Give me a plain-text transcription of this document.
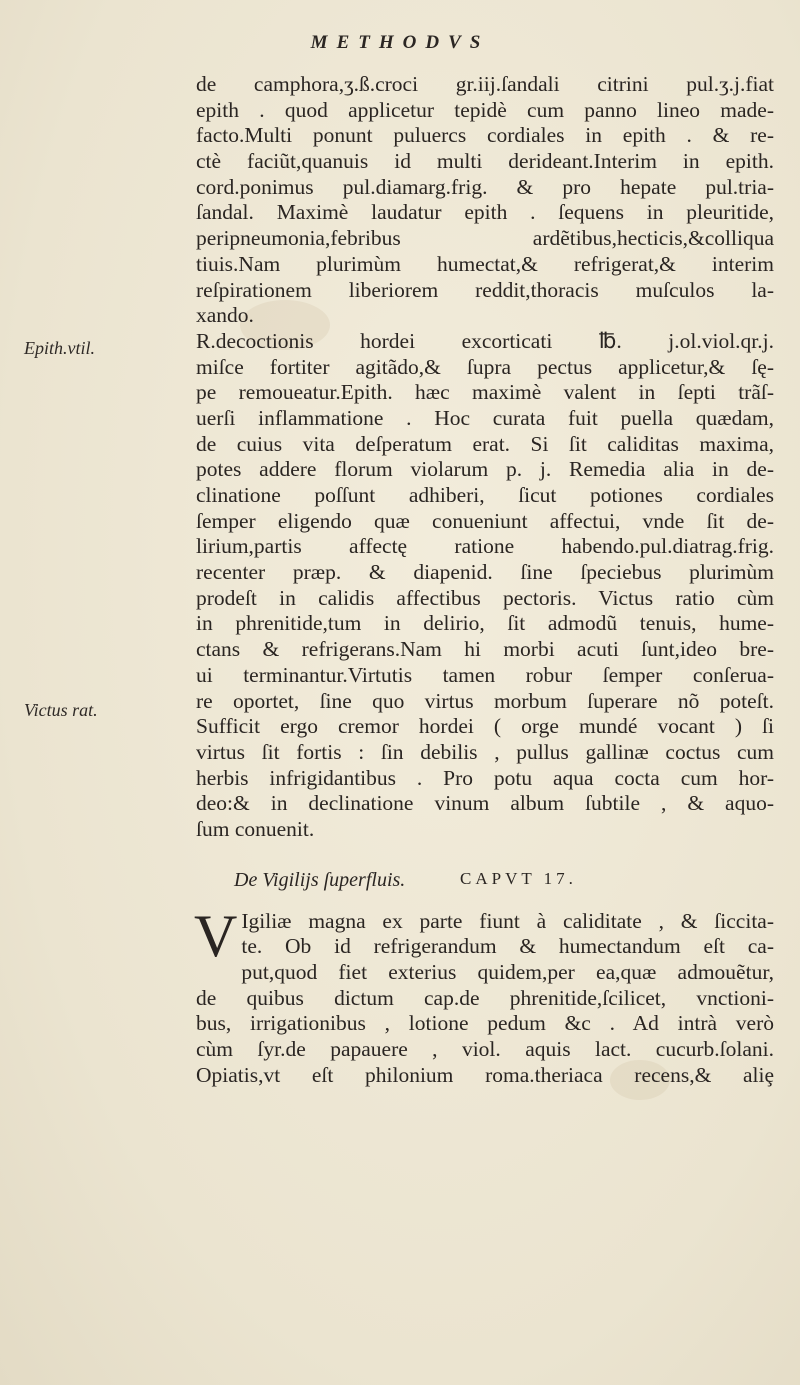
METHODVS
Epith.vtil.
Victus rat.
de camphora,ʒ.ß.croci gr.iij.ſandali citrini pul.ʒ.j.fiat
epith . quod applicetur tepidè cum panno lineo made-
facto.Multi ponunt puluercs cordiales in epith . & re-
ctè faciũt,quanuis id multi derideant.Interim in epith.
cord.ponimus pul.diamarg.frig. & pro hepate pul.tria-
ſandal. Maximè laudatur epith . ſequens in pleuritide,
peripneumonia,febribus ardẽtibus,hecticis,&colliqua
tiuis.Nam plurimùm humectat,& refrigerat,& interim
reſpirationem liberiorem reddit,thoracis muſculos la-
xando.
R.decoctionis hordei excorticati ℔. j.ol.viol.qr.j.
miſce fortiter agitãdo,& ſupra pectus applicetur,& ſę-
pe remoueatur.Epith. hæc maximè valent in ſepti trãſ-
uerſi inflammatione . Hoc curata fuit puella quædam,
de cuius vita deſperatum erat. Si ſit caliditas maxima,
potes addere florum violarum p. j. Remedia alia in de-
clinatione poſſunt adhiberi, ſicut potiones cordiales
ſemper eligendo quæ conueniunt affectui, vnde ſit de-
lirium,partis affectę ratione habendo.pul.diatrag.frig.
recenter præp. & diapenid. ſine ſpeciebus plurimùm
prodeſt in calidis affectibus pectoris. Victus ratio cùm
in phrenitide,tum in delirio, ſit admodũ tenuis, hume-
ctans & refrigerans.Nam hi morbi acuti ſunt,ideo bre-
ui terminantur.Virtutis tamen robur ſemper conſerua-
re oportet, ſine quo virtus morbum ſuperare nõ poteſt.
Sufficit ergo cremor hordei ( orge mundé vocant ) ſi
virtus ſit fortis : ſin debilis , pullus gallinæ coctus cum
herbis infrigidantibus . Pro potu aqua cocta cum hor-
deo:& in declinatione vinum album ſubtile , & aquo-
ſum conuenit.
De Vigilijs ſuperfluis.	CAPVT 17.
V Igiliæ magna ex parte fiunt à caliditate , & ſiccita-
te. Ob id refrigerandum & humectandum eſt ca-
put,quod fiet exterius quidem,per ea,quæ admouẽtur,
de quibus dictum cap.de phrenitide,ſcilicet, vnctioni-
bus, irrigationibus , lotione pedum &c . Ad intrà verò
cùm ſyr.de papauere , viol. aquis lact. cucurb.ſolani.
Opiatis,vt eſt philonium roma.theriaca recens,& aliȩ
